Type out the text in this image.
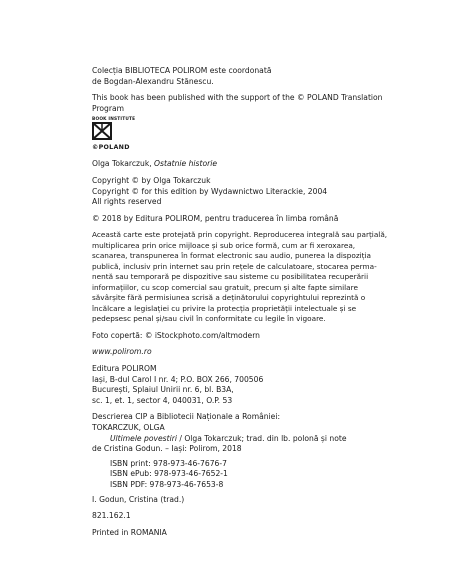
Colecția BIBLIOTECA POLIROM este coordonată

de Bogdan-Alexandru Stănescu.

This book has been published with the support of the © POLAND Translation

Program

BOOK INSTITUTE
©POLAND

Olga Tokarczuk, Ostatnie historie

Copyright © by Olga Tokarczuk

Copyright © for this edition by Wydawnictwo Literackie, 2004

All rights reserved

© 2018 by Editura POLIROM, pentru traducerea în limba română

Această carte este protejată prin copyright. Reproducerea integrală sau parțială,

multiplicarea prin orice mijloace și sub orice formă, cum ar fi xeroxarea,

scanarea, transpunerea în format electronic sau audio, punerea la dispoziția

publică, inclusiv prin internet sau prin rețele de calculatoare, stocarea perma-

nentă sau temporară pe dispozitive sau sisteme cu posibilitatea recuperării

informațiilor, cu scop comercial sau gratuit, precum și alte fapte similare

săvârșite fără permisiunea scrisă a deținătorului copyrightului reprezintă o

încălcare a legislației cu privire la protecția proprietății intelectuale și se

pedepsesc penal și/sau civil în conformitate cu legile în vigoare.

Foto copertă: © iStockphoto.com/altmodern

www.polirom.ro

Editura POLIROM

Iași, B-dul Carol I nr. 4; P.O. BOX 266, 700506

București, Splaiul Unirii nr. 6, bl. B3A,

sc. 1, et. 1, sector 4, 040031, O.P. 53

Descrierea CIP a Bibliotecii Naționale a României:

TOKARCZUK, OLGA

Ultimele povestiri / Olga Tokarczuk; trad. din lb. polonă și note

de Cristina Godun. – Iași: Polirom, 2018

ISBN print: 978-973-46-7676-7

ISBN ePub: 978-973-46-7652-1

ISBN PDF: 978-973-46-7653-8

I. Godun, Cristina (trad.)

821.162.1

Printed in ROMANIA
